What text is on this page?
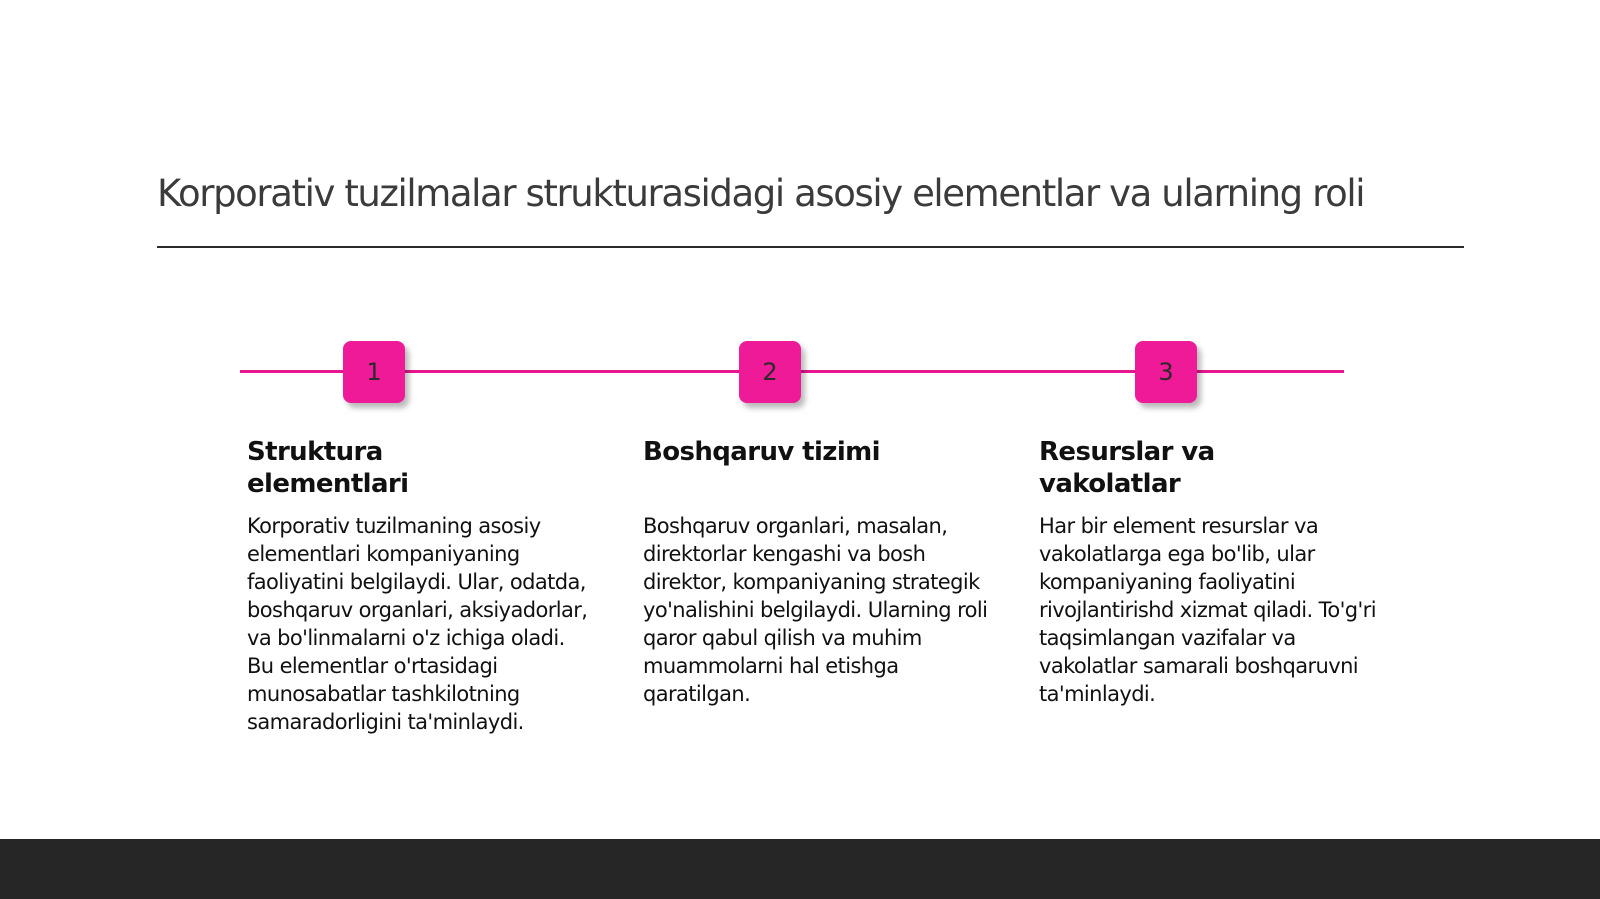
Korporativ tuzilmalar strukturasidagi asosiy elementlar va ularning roli
1	2	3
Struktura elementlari

Korporativ tuzilmaning asosiy elementlari kompaniyaning faoliyatini belgilaydi. Ular, odatda, boshqaruv organlari, aksiyadorlar, va bo'linmalarni o'z ichiga oladi. Bu elementlar o'rtasidagi munosabatlar tashkilotning samaradorligini ta'minlaydi.

Boshqaruv tizimi

Boshqaruv organlari, masalan, direktorlar kengashi va bosh direktor, kompaniyaning strategik yo'nalishini belgilaydi. Ularning roli qaror qabul qilish va muhim muammolarni hal etishga qaratilgan.

Resurslar va vakolatlar

Har bir element resurslar va vakolatlarga ega bo'lib, ular kompaniyaning faoliyatini rivojlantirishd xizmat qiladi. To'g'ri taqsimlangan vazifalar va vakolatlar samarali boshqaruvni ta'minlaydi.
